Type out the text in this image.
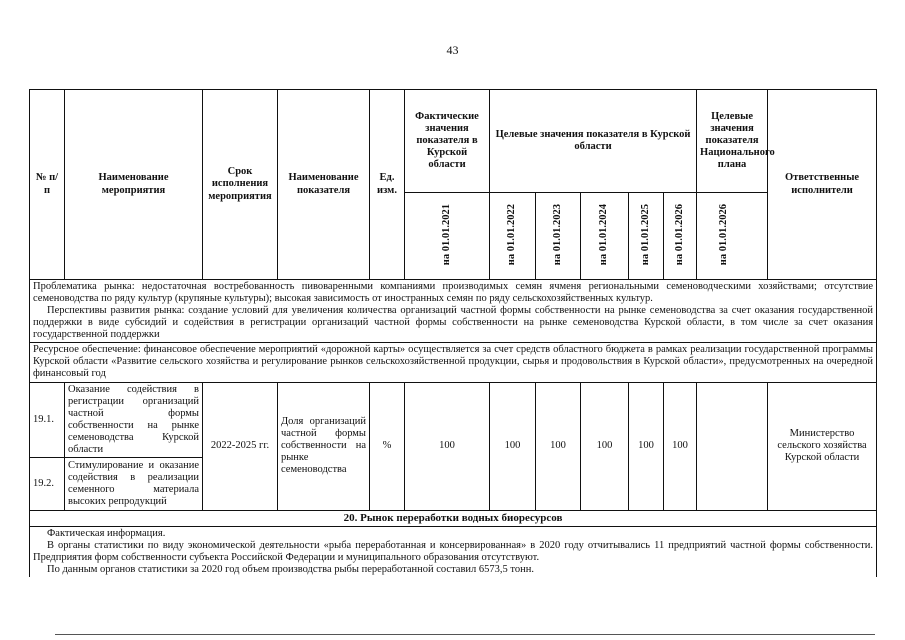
43
№ п/п	Наименование мероприятия	Срок исполнения мероприятия	Наименование показателя	Ед. изм.	Фактические значения показателя в Курской области	Целевые значения показателя в Курской области					Целевые значения показателя Национального плана	Ответственные исполнители
					на 01.01.2021	на 01.01.2022	на 01.01.2023	на 01.01.2024	на 01.01.2025	на 01.01.2026	на 01.01.2026	

Проблематика рынка: недостаточная востребованность пивоваренными компаниями производимых семян ячменя региональными семеноводческими хозяйствами; отсутствие семеноводства по ряду культур (крупяные культуры); высокая зависимость от иностранных семян по ряду сельскохозяйственных культур.

Перспективы развития рынка: создание условий для увеличения количества организаций частной формы собственности на рынке семеноводства за счет оказания государственной поддержки в виде субсидий и содействия в регистрации организаций частной формы собственности на рынке семеноводства Курской области, в том числе за счет оказания государственной поддержки												

Ресурсное обеспечение: финансовое обеспечение мероприятий «дорожной карты» осуществляется за счет средств областного бюджета в рамках реализации государственной программы Курской области «Развитие сельского хозяйства и регулирование рынков сельскохозяйственной продукции, сырья и продовольствия в Курской области», предусмотренных на очередной финансовый год												

19.1.	Оказание содействия в регистрации организаций частной формы собственности на рынке семеноводства Курской области	2022-2025 гг.	Доля организаций частной формы собственности на рынке семеноводства	%	100	100	100	100	100	100		Министерство сельского хозяйства Курской области
19.2.	Стимулирование и оказание содействия в реализации семенного материала высоких репродукций											
20. Рынок переработки водных биоресурсов												

Фактическая информация.

В органы статистики по виду экономической деятельности «рыба переработанная и консервированная» в 2020 году отчитывались 11 предприятий частной формы собственности. Предприятия форм собственности субъекта Российской Федерации и муниципального образования отсутствуют.

По данным органов статистики за 2020 год объем производства рыбы переработанной составил 6573,5 тонн.												
